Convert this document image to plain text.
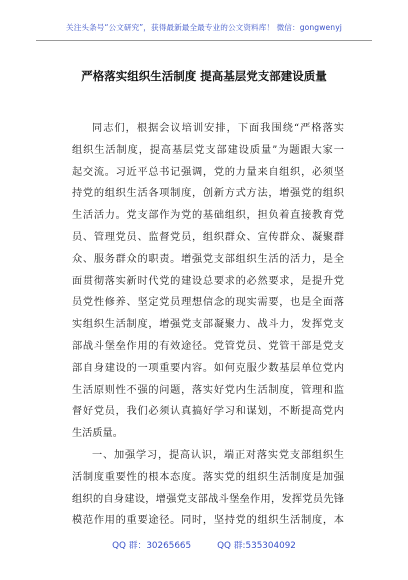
关注头条号“公文研究”，获得最新最全最专业的公文资料库！ 微信：gongwenyj
严格落实组织生活制度 提高基层党支部建设质量
同志们，根据会议培训安排，下面我围绕“严格落实
组织生活制度，提高基层党支部建设质量”为题跟大家一
起交流。习近平总书记强调，党的力量来自组织，必须坚
持党的组织生活各项制度，创新方式方法，增强党的组织
生活活力。党支部作为党的基础组织，担负着直接教育党
员、管理党员、监督党员，组织群众、宣传群众、凝聚群
众、服务群众的职责。增强党支部组织生活的活力，是全
面贯彻落实新时代党的建设总要求的必然要求，是提升党
员党性修养、坚定党员理想信念的现实需要，也是全面落
实组织生活制度，增强党支部凝聚力、战斗力，发挥党支
部战斗堡垒作用的有效途径。党管党员、党管干部是党支
部自身建设的一项重要内容。如何克服少数基层单位党内
生活原则性不强的问题，落实好党内生活制度，管理和监
督好党员，我们必须认真搞好学习和谋划，不断提高党内
生活质量。
一、加强学习，提高认识，端正对落实党支部组织生
活制度重要性的根本态度。落实党的组织生活制度是加强
组织的自身建设，增强党支部战斗堡垒作用，发挥党员先锋
模范作用的重要途径。同时，坚持党的组织生活制度，本
QQ 群：30265665	QQ 群:535304092
